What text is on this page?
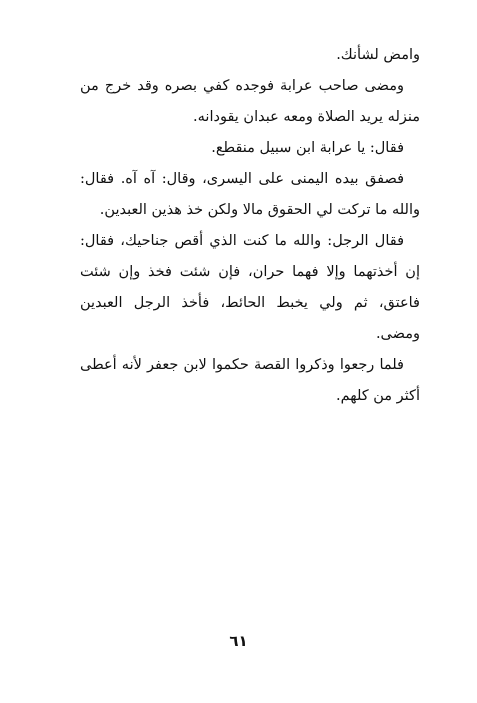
وامض لشأنك.

ومضى صاحب عرابة فوجده كفي بصره وقد خرج من منزله يريد الصلاة ومعه عبدان يقودانه.

فقال: يا عرابة ابن سبيل منقطع.

فصفق بيده اليمنى على اليسرى، وقال: آه آه. فقال: والله ما تركت لي الحقوق مالا ولكن خذ هذين العبدين.

فقال الرجل: والله ما كنت الذي أقص جناحيك، فقال: إن أخذتهما وإلا فهما حران، فإن شئت فخذ وإن شئت فاعتق، ثم ولي يخبط الحائط، فأخذ الرجل العبدين ومضى.

فلما رجعوا وذكروا القصة حكموا لابن جعفر لأنه أعطى أكثر من كلهم.

٦١
